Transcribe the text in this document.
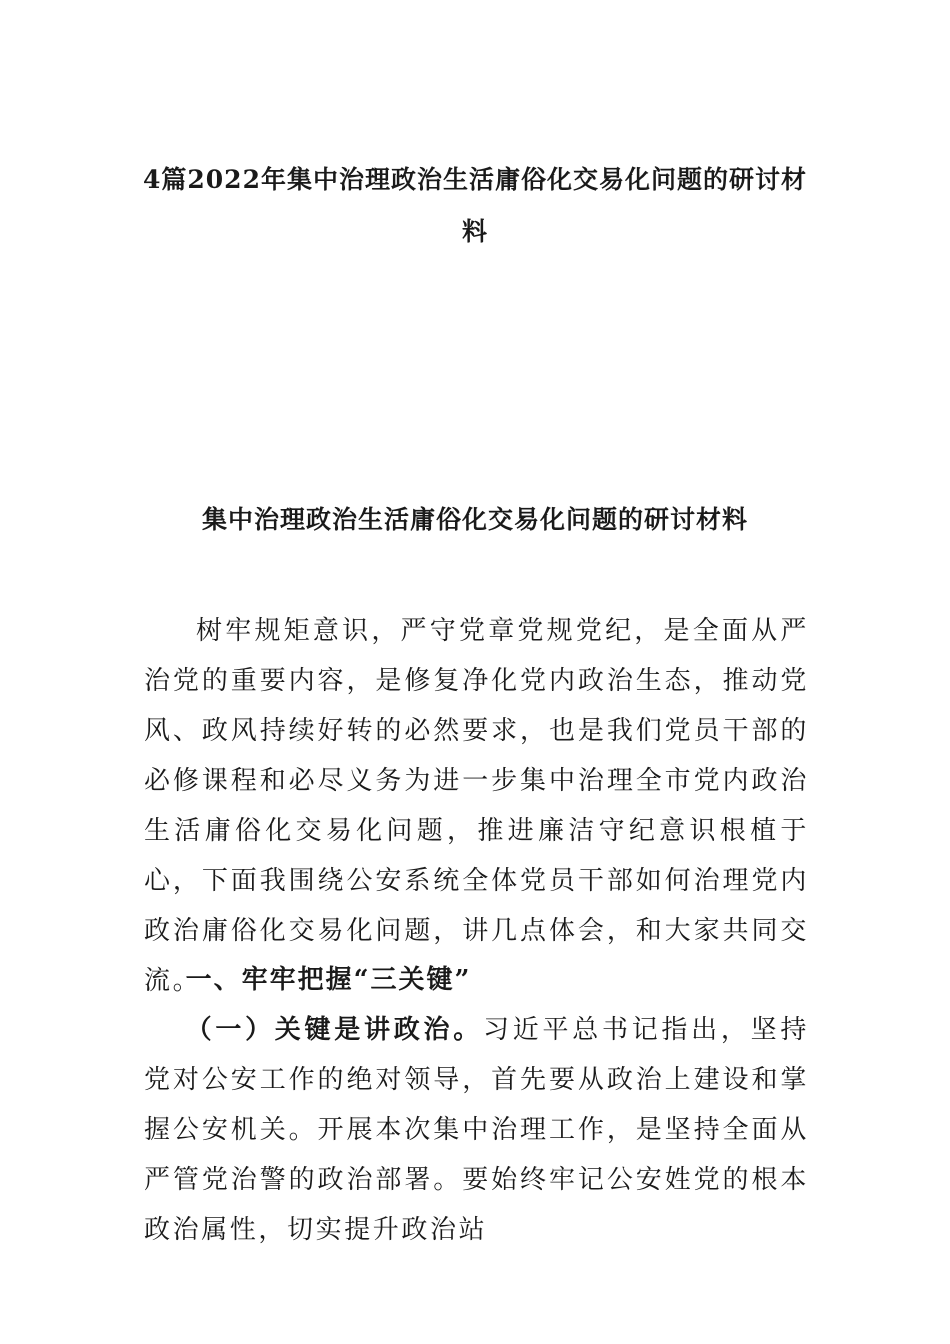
4篇2022年集中治理政治生活庸俗化交易化问题的研讨材料
集中治理政治生活庸俗化交易化问题的研讨材料

树牢规矩意识，严守党章党规党纪，是全面从严治党的重要内容，是修复净化党内政治生态，推动党风、政风持续好转的必然要求，也是我们党员干部的必修课程和必尽义务为进一步集中治理全市党内政治生活庸俗化交易化问题，推进廉洁守纪意识根植于心，下面我围绕公安系统全体党员干部如何治理党内政治庸俗化交易化问题，讲几点体会，和大家共同交流。

一、牢牢把握“三关键”

（一）关键是讲政治。习近平总书记指出，坚持党对公安工作的绝对领导，首先要从政治上建设和掌握公安机关。开展本次集中治理工作，是坚持全面从严管党治警的政治部署。要始终牢记公安姓党的根本政治属性，切实提升政治站
